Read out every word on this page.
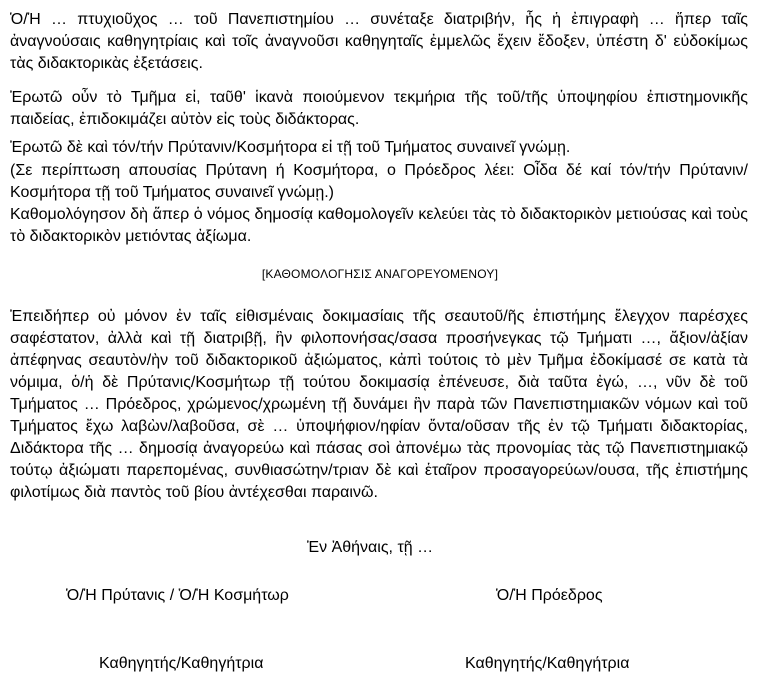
Ὁ/Ἡ … πτυχιοῦχος … τοῦ Πανεπιστημίου … συνέταξε διατριβήν, ἧς ἡ ἐπιγραφὴ … ἥπερ ταῖς ἀναγνούσαις καθηγητρίαις καὶ τοῖς ἀναγνοῦσι καθηγηταῖς ἐμμελῶς ἔχειν ἔδοξεν, ὑπέστη δ' εὐδοκίμως τὰς διδακτορικὰς ἐξετάσεις.
Ἐρωτῶ οὖν τὸ Τμῆμα εἰ, ταῦθ' ἱκανὰ ποιούμενον τεκμήρια τῆς τοῦ/τῆς ὑποψηφίου ἐπιστημονικῆς παιδείας, ἐπιδοκιμάζει αὐτὸν εἰς τοὺς διδάκτορας.
Ἐρωτῶ δὲ καὶ τόν/τήν Πρύτανιν/Κοσμήτορα εἰ τῇ τοῦ Τμήματος συναινεῖ γνώμῃ.
(Σε περίπτωση απουσίας Πρύτανη ή Κοσμήτορα, ο Πρόεδρος λέει: Οἶδα δέ καί τόν/τήν Πρύτανιν/Κοσμήτορα τῇ τοῦ Τμήματος συναινεῖ γνώμῃ.)
Καθομολόγησον δὴ ἅπερ ὁ νόμος δημοσίᾳ καθομολογεῖν κελεύει τὰς τὸ διδακτορικὸν μετιούσας καὶ τοὺς τὸ διδακτορικὸν μετιόντας ἀξίωμα.
[ΚΑΘΟΜΟΛΟΓΗΣΙΣ ΑΝΑΓΟΡΕΥΟΜΕΝΟΥ]
Ἐπειδήπερ οὐ μόνον ἐν ταῖς εἰθισμέναις δοκιμασίαις τῆς σεαυτοῦ/ῆς ἐπιστήμης ἔλεγχον παρέσχες σαφέστατον, ἀλλὰ καὶ τῇ διατριβῇ, ἣν φιλοπονήσας/σασα προσήνεγκας τῷ Τμήματι …, ἄξιον/ἀξίαν ἀπέφηνας σεαυτὸν/ὴν τοῦ διδακτορικοῦ ἀξιώματος, κἀπὶ τούτοις τὸ μὲν Τμῆμα ἐδοκίμασέ σε κατὰ τὰ νόμιμα, ὁ/ἡ δὲ Πρύτανις/Κοσμήτωρ τῇ τούτου δοκιμασίᾳ ἐπένευσε, διὰ ταῦτα ἐγώ, …, νῦν δὲ τοῦ Τμήματος … Πρόεδρος, χρώμενος/χρωμένη τῇ δυνάμει ἣν παρὰ τῶν Πανεπιστημιακῶν νόμων καὶ τοῦ Τμήματος ἔχω λαβὼν/λαβοῦσα, σὲ … ὑποψήφιον/ηφίαν ὄντα/οῦσαν τῆς ἐν τῷ Τμήματι διδακτορίας, Διδάκτορα τῆς … δημοσίᾳ ἀναγορεύω καὶ πάσας σοὶ ἀπονέμω τὰς προνομίας τὰς τῷ Πανεπιστημιακῷ τούτῳ ἀξιώματι παρεπομένας, συνθιασώτην/τριαν δὲ καὶ ἑταῖρον προσαγορεύων/ουσα, τῆς ἐπιστήμης φιλοτίμως διὰ παντὸς τοῦ βίου ἀντέχεσθαι παραινῶ.
Ἐν Ἀθήναις, τῇ …
Ὁ/Ἡ Πρύτανις / Ὁ/Ἡ Κοσμήτωρ	Ὁ/Ἡ Πρόεδρος
Καθηγητής/Καθηγήτρια	Καθηγητής/Καθηγήτρια
